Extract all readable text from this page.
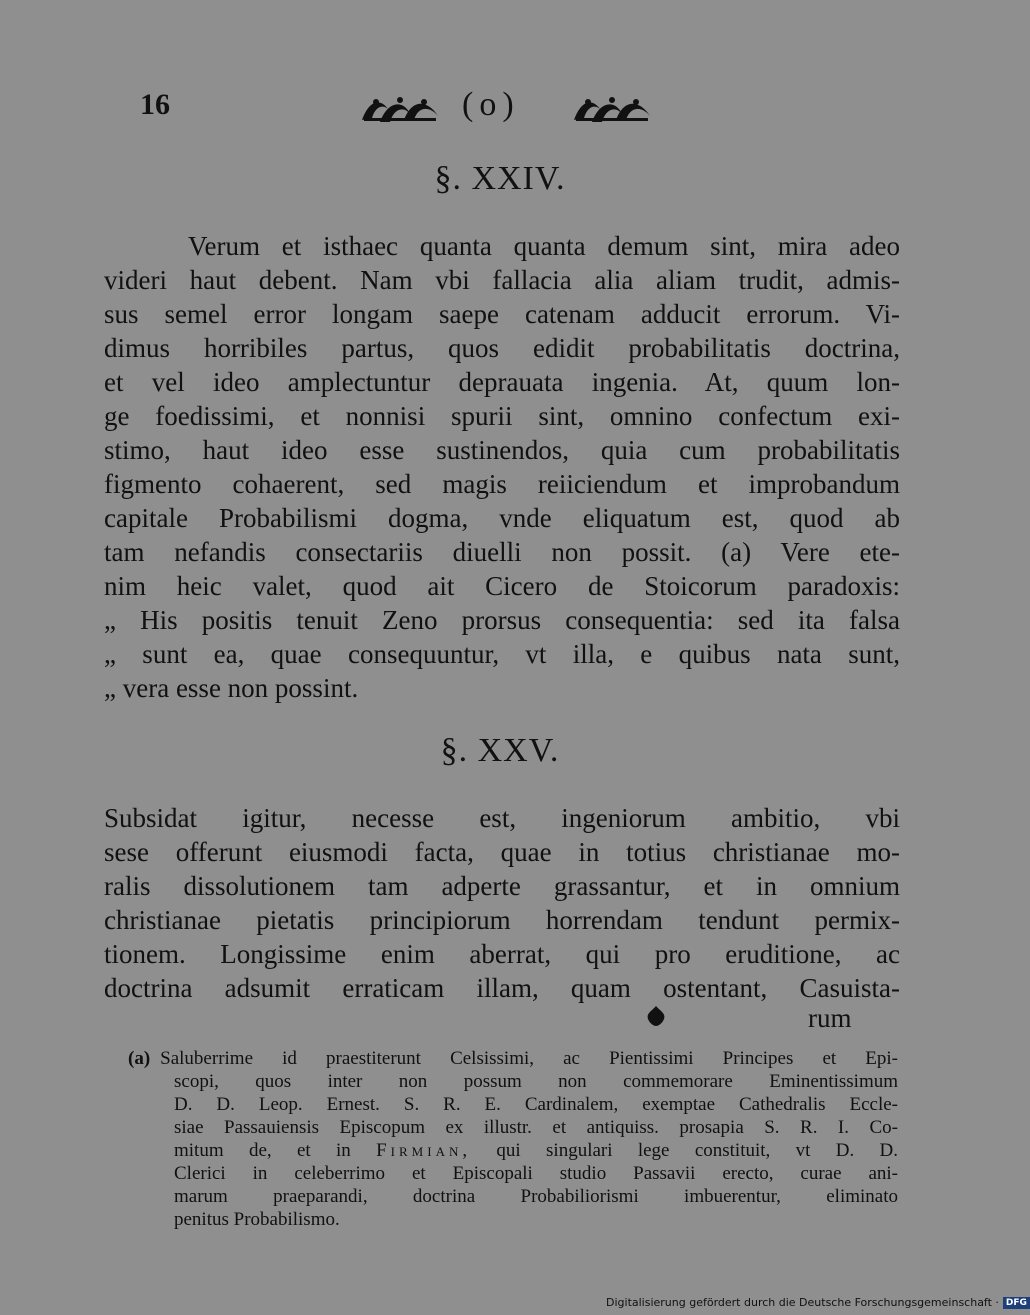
16	(o)
§. XXIV.
Verum et isthaec quanta quanta demum sint, mira adeo
videri haut debent. Nam vbi fallacia alia aliam trudit, admis-
sus semel error longam saepe catenam adducit errorum. Vi-
dimus horribiles partus, quos edidit probabilitatis doctrina,
et vel ideo amplectuntur deprauata ingenia. At, quum lon-
ge foedissimi, et nonnisi spurii sint, omnino confectum exi-
stimo, haut ideo esse sustinendos, quia cum probabilitatis
figmento cohaerent, sed magis reiiciendum et improbandum
capitale Probabilismi dogma, vnde eliquatum est, quod ab
tam nefandis consectariis diuelli non possit. (a) Vere ete-
nim heic valet, quod ait Cicero de Stoicorum paradoxis:
„ His positis tenuit Zeno prorsus consequentia: sed ita falsa
„ sunt ea, quae consequuntur, vt illa, e quibus nata sunt,
„ vera esse non possint.
§. XXV.
Subsidat igitur, necesse est, ingeniorum ambitio, vbi
sese offerunt eiusmodi facta, quae in totius christianae mo-
ralis dissolutionem tam adperte grassantur, et in omnium
christianae pietatis principiorum horrendam tendunt permix-
tionem. Longissime enim aberrat, qui pro eruditione, ac
doctrina adsumit erraticam illam, quam ostentant, Casuista-
rum
(a) Saluberrime id praestiterunt Celsissimi, ac Pientissimi Principes et Epi-
scopi, quos inter non possum non commemorare Eminentissimum
D. D. Leop. Ernest. S. R. E. Cardinalem, exemptae Cathedralis Eccle-
siae Passauiensis Episcopum ex illustr. et antiquiss. prosapia S. R. I. Co-
mitum de, et in Firmian, qui singulari lege constituit, vt D. D.
Clerici in celeberrimo et Episcopali studio Passavii erecto, curae ani-
marum praeparandi, doctrina Probabiliorismi imbuerentur, eliminato
penitus Probabilismo.
Digitalisierung gefördert durch die Deutsche Forschungsgemeinschaft · DFG
